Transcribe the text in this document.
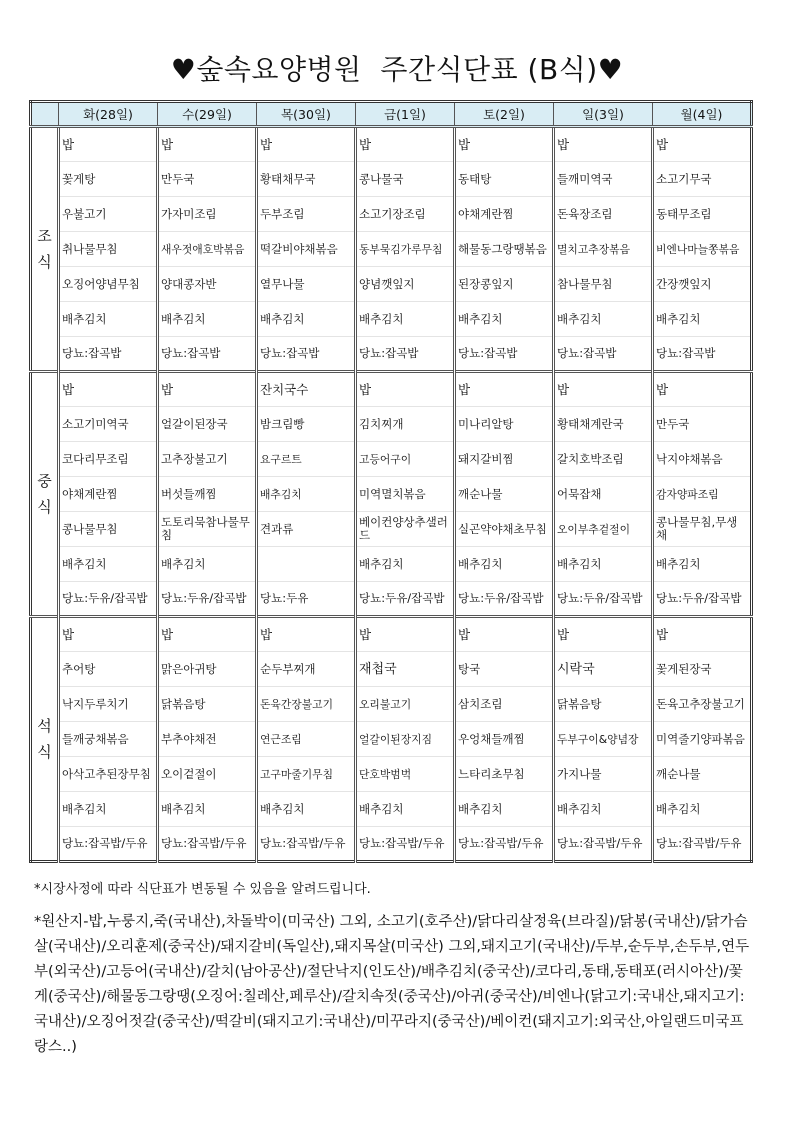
♥숲속요양병원  주간식단표 (B식)♥
	화(28일)	수(29일)	목(30일)	금(1일)	토(2일)	일(3일)	월(4일)
조
식	밥	밥	밥	밥	밥	밥	밥
	꽃게탕	만두국	황태채무국	콩나물국	동태탕	들깨미역국	소고기무국
	우불고기	가자미조림	두부조림	소고기장조림	야채계란찜	돈육장조림	동태무조림
	취나물무침	새우젓애호박볶음	떡갈비야채볶음	동부묵김가루무침	해물동그랑땡볶음	멸치고추장볶음	비엔나마늘쫑볶음
	오징어양념무침	양대콩자반	열무나물	양념깻잎지	된장콩잎지	참나물무침	간장깻잎지
	배추김치	배추김치	배추김치	배추김치	배추김치	배추김치	배추김치
	당뇨:잡곡밥	당뇨:잡곡밥	당뇨:잡곡밥	당뇨:잡곡밥	당뇨:잡곡밥	당뇨:잡곡밥	당뇨:잡곡밥
중
식	밥	밥	잔치국수	밥	밥	밥	밥
	소고기미역국	얼갈이된장국	밤크림빵	김치찌개	미나리알탕	황태채계란국	만두국
	코다리무조림	고추장불고기	요구르트	고등어구이	돼지갈비찜	갈치호박조림	낙지야채볶음
	야채계란찜	버섯들깨찜	배추김치	미역멸치볶음	깨순나물	어묵잡채	감자양파조림
	콩나물무침	도토리묵참나물무침	견과류	베이컨양상추샐러드	실곤약야채초무침	오이부추겉절이	콩나물무침,무생채
	배추김치	배추김치		배추김치	배추김치	배추김치	배추김치
	당뇨:두유/잡곡밥	당뇨:두유/잡곡밥	당뇨:두유	당뇨:두유/잡곡밥	당뇨:두유/잡곡밥	당뇨:두유/잡곡밥	당뇨:두유/잡곡밥
석
식	밥	밥	밥	밥	밥	밥	밥
	추어탕	맑은아귀탕	순두부찌개	재첩국	탕국	시락국	꽃게된장국
	낙지두루치기	닭볶음탕	돈육간장불고기	오리불고기	삼치조림	닭볶음탕	돈육고추장불고기
	들깨궁채볶음	부추야채전	연근조림	얼갈이된장지짐	우엉채들깨찜	두부구이&양념장	미역줄기양파볶음
	아삭고추된장무침	오이겉절이	고구마줄기무침	단호박범벅	느타리초무침	가지나물	깨순나물
	배추김치	배추김치	배추김치	배추김치	배추김치	배추김치	배추김치
	당뇨:잡곡밥/두유	당뇨:잡곡밥/두유	당뇨:잡곡밥/두유	당뇨:잡곡밥/두유	당뇨:잡곡밥/두유	당뇨:잡곡밥/두유	당뇨:잡곡밥/두유
*시장사정에 따라 식단표가 변동될 수 있음을 알려드립니다.
*원산지-밥,누룽지,죽(국내산),차돌박이(미국산) 그외, 소고기(호주산)/닭다리살정육(브라질)/닭봉(국내산)/닭가슴살(국내산)/오리훈제(중국산)/돼지갈비(독일산),돼지목살(미국산) 그외,돼지고기(국내산)/두부,순두부,손두부,연두부(외국산)/고등어(국내산)/갈치(남아공산)/절단낙지(인도산)/배추김치(중국산)/코다리,동태,동태포(러시아산)/꽃게(중국산)/해물동그랑땡(오징어:칠레산,페루산)/갈치속젓(중국산)/아귀(중국산)/비엔나(닭고기:국내산,돼지고기:국내산)/오징어젓갈(중국산)/떡갈비(돼지고기:국내산)/미꾸라지(중국산)/베이컨(돼지고기:외국산,아일랜드미국프랑스..)
